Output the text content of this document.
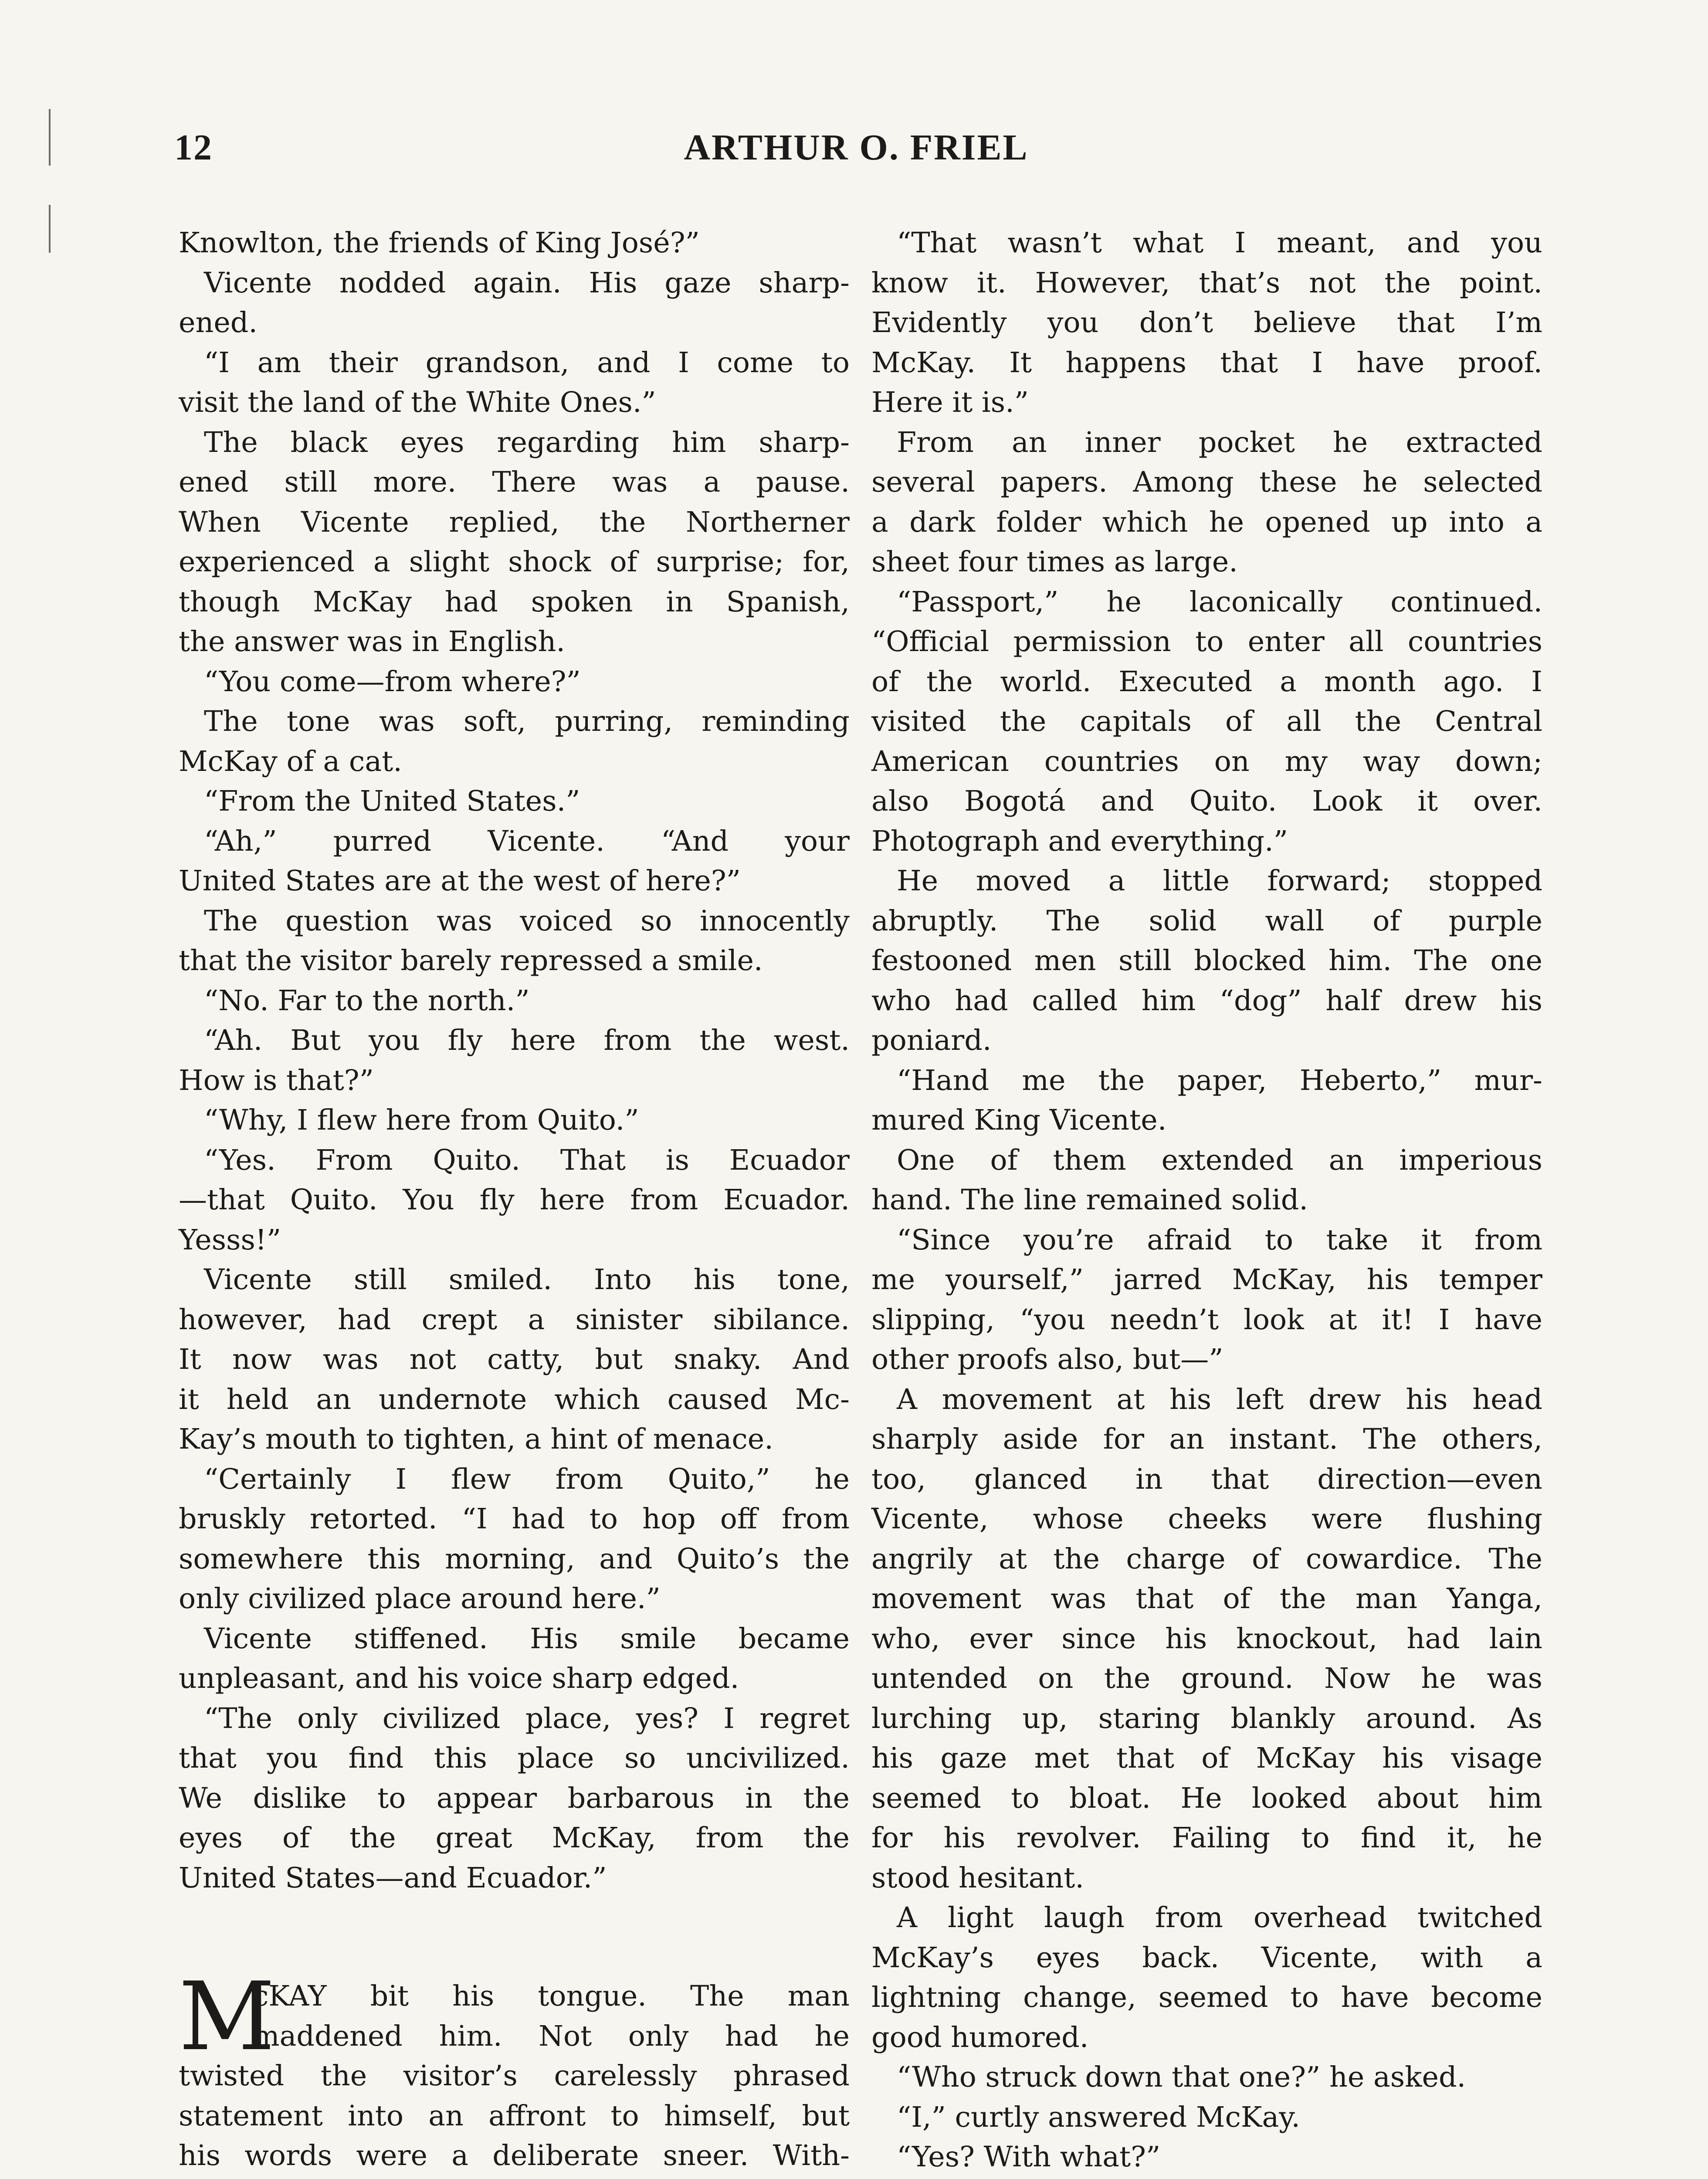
12	ARTHUR O. FRIEL

Knowlton, the friends of King José?”

Vicente nodded again. His gaze sharp-
ened.

“I am their grandson, and I come to
visit the land of the White Ones.”

The black eyes regarding him sharp-
ened still more. There was a pause.
When Vicente replied, the Northerner
experienced a slight shock of surprise; for,
though McKay had spoken in Spanish,
the answer was in English.

“You come—from where?”

The tone was soft, purring, reminding
McKay of a cat.

“From the United States.”

“Ah,” purred Vicente. “And your
United States are at the west of here?”

The question was voiced so innocently
that the visitor barely repressed a smile.

“No. Far to the north.”

“Ah. But you fly here from the west.
How is that?”

“Why, I flew here from Quito.”

“Yes. From Quito. That is Ecuador
—that Quito. You fly here from Ecuador.
Yesss!”

Vicente still smiled. Into his tone,
however, had crept a sinister sibilance.
It now was not catty, but snaky. And
it held an undernote which caused Mc-
Kay’s mouth to tighten, a hint of menace.

“Certainly I flew from Quito,” he
bruskly retorted. “I had to hop off from
somewhere this morning, and Quito’s the
only civilized place around here.”

Vicente stiffened. His smile became
unpleasant, and his voice sharp edged.

“The only civilized place, yes? I regret
that you find this place so uncivilized.
We dislike to appear barbarous in the
eyes of the great McKay, from the
United States—and Ecuador.”

M
cKAY bit his tongue. The man
maddened him. Not only had he
twisted the visitor’s carelessly phrased
statement into an affront to himself, but
his words were a deliberate sneer. With-

“That wasn’t what I meant, and you
know it. However, that’s not the point.
Evidently you don’t believe that I’m
McKay. It happens that I have proof.
Here it is.”

From an inner pocket he extracted
several papers. Among these he selected
a dark folder which he opened up into a
sheet four times as large.

“Passport,” he laconically continued.
“Official permission to enter all countries
of the world. Executed a month ago. I
visited the capitals of all the Central
American countries on my way down;
also Bogotá and Quito. Look it over.
Photograph and everything.”

He moved a little forward; stopped
abruptly. The solid wall of purple
festooned men still blocked him. The one
who had called him “dog” half drew his
poniard.

“Hand me the paper, Heberto,” mur-
mured King Vicente.

One of them extended an imperious
hand. The line remained solid.

“Since you’re afraid to take it from
me yourself,” jarred McKay, his temper
slipping, “you needn’t look at it! I have
other proofs also, but—”

A movement at his left drew his head
sharply aside for an instant. The others,
too, glanced in that direction—even
Vicente, whose cheeks were flushing
angrily at the charge of cowardice. The
movement was that of the man Yanga,
who, ever since his knockout, had lain
untended on the ground. Now he was
lurching up, staring blankly around. As
his gaze met that of McKay his visage
seemed to bloat. He looked about him
for his revolver. Failing to find it, he
stood hesitant.

A light laugh from overhead twitched
McKay’s eyes back. Vicente, with a
lightning change, seemed to have become
good humored.

“Who struck down that one?” he asked.

“I,” curtly answered McKay.

“Yes? With what?”
